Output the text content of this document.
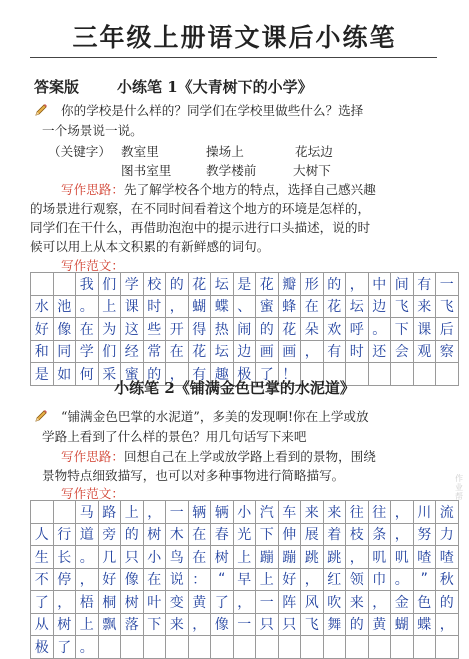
三年级上册语文课后小练笔
答案版	小练笔 1《大青树下的小学》
你的学校是什么样的？同学们在学校里做些什么？选择
一个场景说一说。
（关键字） 教室里	操场上	花坛边
图书室里	教学楼前	大树下
写作思路：先了解学校各个地方的特点，选择自己感兴趣
的场景进行观察，在不同时间看着这个地方的环境是怎样的，
同学们在干什么，再借助泡泡中的提示进行口头描述，说的时
候可以用上从本文积累的有新鲜感的词句。
写作范文：
		我	们	学	校	的	花	坛	是	花	瓣	形	的	，	中	间	有	一
水	池	。	上	课	时	，	蝴	蝶	、	蜜	蜂	在	花	坛	边	飞	来	飞
好	像	在	为	这	些	开	得	热	闹	的	花	朵	欢	呼	。	下	课	后
和	同	学	们	经	常	在	花	坛	边	画	画	，	有	时	还	会	观	察
是	如	何	采	蜜	的	，	有	趣	极	了	！							
小练笔 2《铺满金色巴掌的水泥道》
“铺满金色巴掌的水泥道”，多美的发现啊!你在上学或放
学路上看到了什么样的景色？用几句话写下来吧
写作思路：回想自己在上学或放学路上看到的景物，围绕
景物特点细致描写，也可以对多种事物进行简略描写。
写作范文：
		马	路	上	，	一	辆	辆	小	汽	车	来	来	往	往	，	川	流
人	行	道	旁	的	树	木	在	春	光	下	伸	展	着	枝	条	，	努	力
生	长	。	几	只	小	鸟	在	树	上	蹦	蹦	跳	跳	，	叽	叽	喳	喳
不	停	，	好	像	在	说	：	“	早	上	好	，	红	领	巾	。	”	秋
了	，	梧	桐	树	叶	变	黄	了	，	一	阵	风	吹	来	，	金	色	的
从	树	上	飘	落	下	来	，	像	一	只	只	飞	舞	的	黄	蝴	蝶	，
极	了	。																
作业帮
